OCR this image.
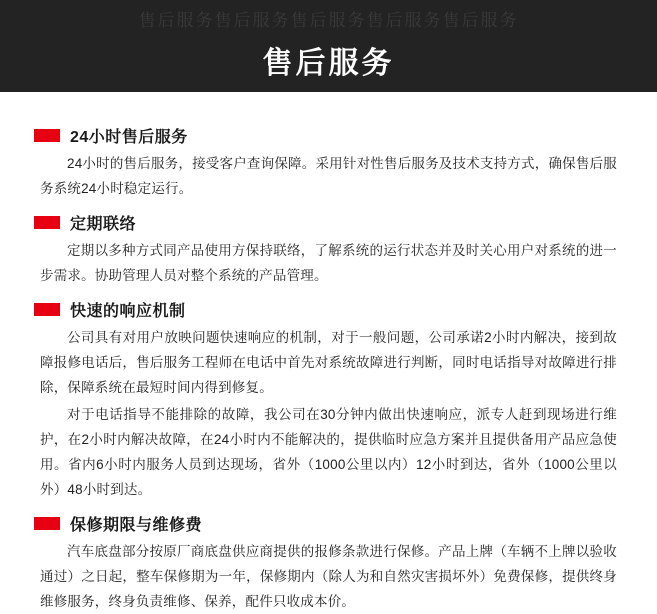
售后服务售后服务售后服务售后服务售后服务
售后服务
24小时售后服务

24小时的售后服务，接受客户查询保障。采用针对性售后服务及技术支持方式，确保售后服务系统24小时稳定运行。

定期联络

定期以多种方式同产品使用方保持联络，了解系统的运行状态并及时关心用户对系统的进一步需求。协助管理人员对整个系统的产品管理。

快速的响应机制

公司具有对用户放映问题快速响应的机制，对于一般问题，公司承诺2小时内解决，接到故障报修电话后，售后服务工程师在电话中首先对系统故障进行判断，同时电话指导对故障进行排除，保障系统在最短时间内得到修复。

对于电话指导不能排除的故障，我公司在30分钟内做出快速响应，派专人赶到现场进行维护，在2小时内解决故障，在24小时内不能解决的，提供临时应急方案并且提供备用产品应急使用。省内6小时内服务人员到达现场，省外（1000公里以内）12小时到达，省外（1000公里以外）48小时到达。

保修期限与维修费

汽车底盘部分按原厂商底盘供应商提供的报修条款进行保修。产品上牌（车辆不上牌以验收通过）之日起，整车保修期为一年，保修期内（除人为和自然灾害损坏外）免费保修，提供终身维修服务，终身负责维修、保养，配件只收成本价。
